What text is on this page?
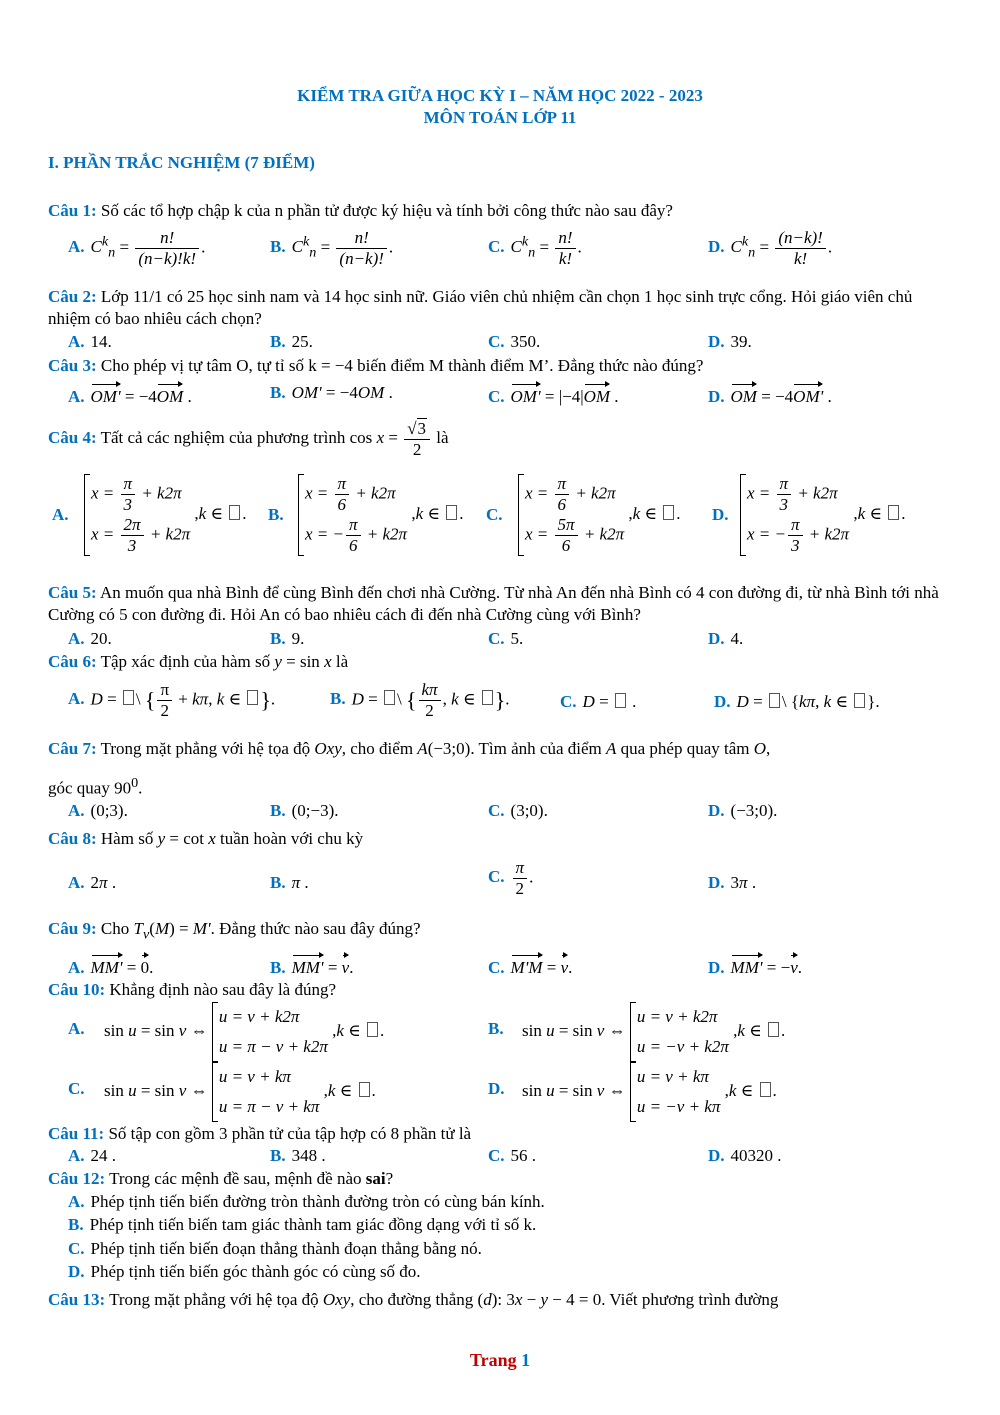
KIỂM TRA GIỮA HỌC KỲ I – NĂM HỌC 2022 - 2023
MÔN TOÁN LỚP 11
I. PHẦN TRẮC NGHIỆM (7 ĐIỂM)
Câu 1: Số các tổ hợp chập k của n phần tử được ký hiệu và tính bởi công thức nào sau đây?
A. $C^k_n = \frac{n!}{(n-k)!k!}$ .	B. $C^k_n = \frac{n!}{(n-k)!}$ .	C. $C^k_n = \frac{n!}{k!}$ .	D. $C^k_n = \frac{(n-k)!}{k!}$ .
Câu 2: Lớp 11/1 có 25 học sinh nam và 14 học sinh nữ. Giáo viên chủ nhiệm cần chọn 1 học sinh trực cổng. Hỏi giáo viên chủ nhiệm có bao nhiêu cách chọn?
A. 14.	B. 25.	C. 350.	D. 39.
Câu 3: Cho phép vị tự tâm O, tự tỉ số k = −4 biến điểm M thành điểm M’. Đẳng thức nào đúng?
A. OM' = −4OM .	B. OM' = −4OM .	C. OM' = |−4|OM .	D. OM = −4OM' .
Câu 4: Tất cả các nghiệm của phương trình $\cos x = \frac{√3}{2}$ là
A.
$x = \frac{\pi}{3} + k2\pi$
$x = \frac{2\pi}{3} + k2\pi$
,k ∈ . B.
$x = \frac{\pi}{6} + k2\pi$
x = − $\frac{\pi}{6} + k2\pi$
,k ∈ . C.
$x = \frac{\pi}{6} + k2\pi$
$x = \frac{5\pi}{6} + k2\pi$
,k ∈ . D.
$x = \frac{\pi}{3} + k2\pi$
x = − $\frac{\pi}{3} + k2\pi$
,k ∈ .
Câu 5: An muốn qua nhà Bình để cùng Bình đến chơi nhà Cường. Từ nhà An đến nhà Bình có 4 con đường đi, từ nhà Bình tới nhà Cường có 5 con đường đi. Hỏi An có bao nhiêu cách đi đến nhà Cường cùng với Bình?
A. 20.	B. 9.	C. 5.	D. 4.
Câu 6: Tập xác định của hàm số y = sin x là
A. D = \ { $\frac{\pi}{2} + k\pi$, k ∈ }.	B. D = \ { $\frac{k\pi}{2}$ , k ∈ }.	C. D =  .	D. D = \ {kπ, k ∈ }.
Câu 7: Trong mặt phẳng với hệ tọa độ Oxy, cho điểm A(−3;0). Tìm ảnh của điểm A qua phép quay tâm O,
góc quay $90^0$.
A. (0;3).	B. (0;−3).	C. (3;0).	D. (−3;0).
Câu 8: Hàm số y = cot x tuần hoàn với chu kỳ
A. 2π .	B. π .	C. $\frac{\pi}{2}$ .	D. 3π .
Câu 9: Cho $T_v(M) = M'$. Đẳng thức nào sau đây đúng?
A. MM' = 0.	B. MM' = v.	C. M'M = v.	D. MM' = −v.
Câu 10: Khẳng định nào sau đây là đúng?
A.	sin u = sin v ⇔
u = v + k2π
u = π − v + k2π
,k ∈ .	B.	sin u = sin v ⇔
u = v + k2π
u = −v + k2π
,k ∈ .
C.	sin u = sin v ⇔
u = v + kπ
u = π − v + kπ
,k ∈ .	D.	sin u = sin v ⇔
u = v + kπ
u = −v + kπ
,k ∈ .
Câu 11: Số tập con gồm 3 phần tử của tập hợp có 8 phần tử là
A. 24 .	B. 348 .	C. 56 .	D. 40320 .
Câu 12: Trong các mệnh đề sau, mệnh đề nào sai?
A. Phép tịnh tiến biến đường tròn thành đường tròn có cùng bán kính.
B. Phép tịnh tiến biến tam giác thành tam giác đồng dạng với tỉ số k.
C. Phép tịnh tiến biến đoạn thẳng thành đoạn thẳng bằng nó.
D. Phép tịnh tiến biến góc thành góc có cùng số đo.
Câu 13: Trong mặt phẳng với hệ tọa độ Oxy, cho đường thẳng (d): 3x − y − 4 = 0. Viết phương trình đường
Trang 1
